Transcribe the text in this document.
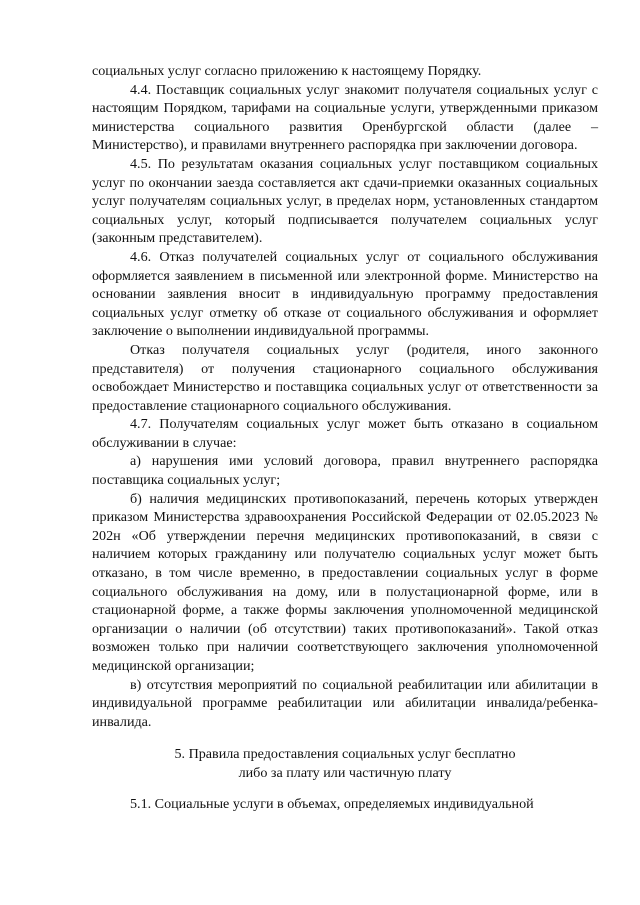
социальных услуг согласно приложению к настоящему Порядку.

4.4. Поставщик социальных услуг знакомит получателя социальных услуг с настоящим Порядком, тарифами на социальные услуги, утвержденными приказом министерства социального развития Оренбургской области (далее – Министерство), и правилами внутреннего распорядка при заключении договора.

4.5. По результатам оказания социальных услуг поставщиком социальных услуг по окончании заезда составляется акт сдачи-приемки оказанных социальных услуг получателям социальных услуг, в пределах норм, установленных стандартом социальных услуг, который подписывается получателем социальных услуг (законным представителем).

4.6. Отказ получателей социальных услуг от социального обслуживания оформляется заявлением в письменной или электронной форме. Министерство на основании заявления вносит в индивидуальную программу предоставления социальных услуг отметку об отказе от социального обслуживания и оформляет заключение о выполнении индивидуальной программы.

Отказ получателя социальных услуг (родителя, иного законного представителя) от получения стационарного социального обслуживания освобождает Министерство и поставщика социальных услуг от ответственности за предоставление стационарного социального обслуживания.

4.7. Получателям социальных услуг может быть отказано в социальном обслуживании в случае:

а) нарушения ими условий договора, правил внутреннего распорядка поставщика социальных услуг;

б) наличия медицинских противопоказаний, перечень которых утвержден приказом Министерства здравоохранения Российской Федерации от 02.05.2023 № 202н «Об утверждении перечня медицинских противопоказаний, в связи с наличием которых гражданину или получателю социальных услуг может быть отказано, в том числе временно, в предоставлении социальных услуг в форме социального обслуживания на дому, или в полустационарной форме, или в стационарной форме, а также формы заключения уполномоченной медицинской организации о наличии (об отсутствии) таких противопоказаний». Такой отказ возможен только при наличии соответствующего заключения уполномоченной медицинской организации;

в) отсутствия мероприятий по социальной реабилитации или абилитации в индивидуальной программе реабилитации или абилитации инвалида/ребенка-инвалида.

5. Правила предоставления социальных услуг бесплатно
либо за плату или частичную плату

5.1. Социальные услуги в объемах, определяемых индивидуальной
